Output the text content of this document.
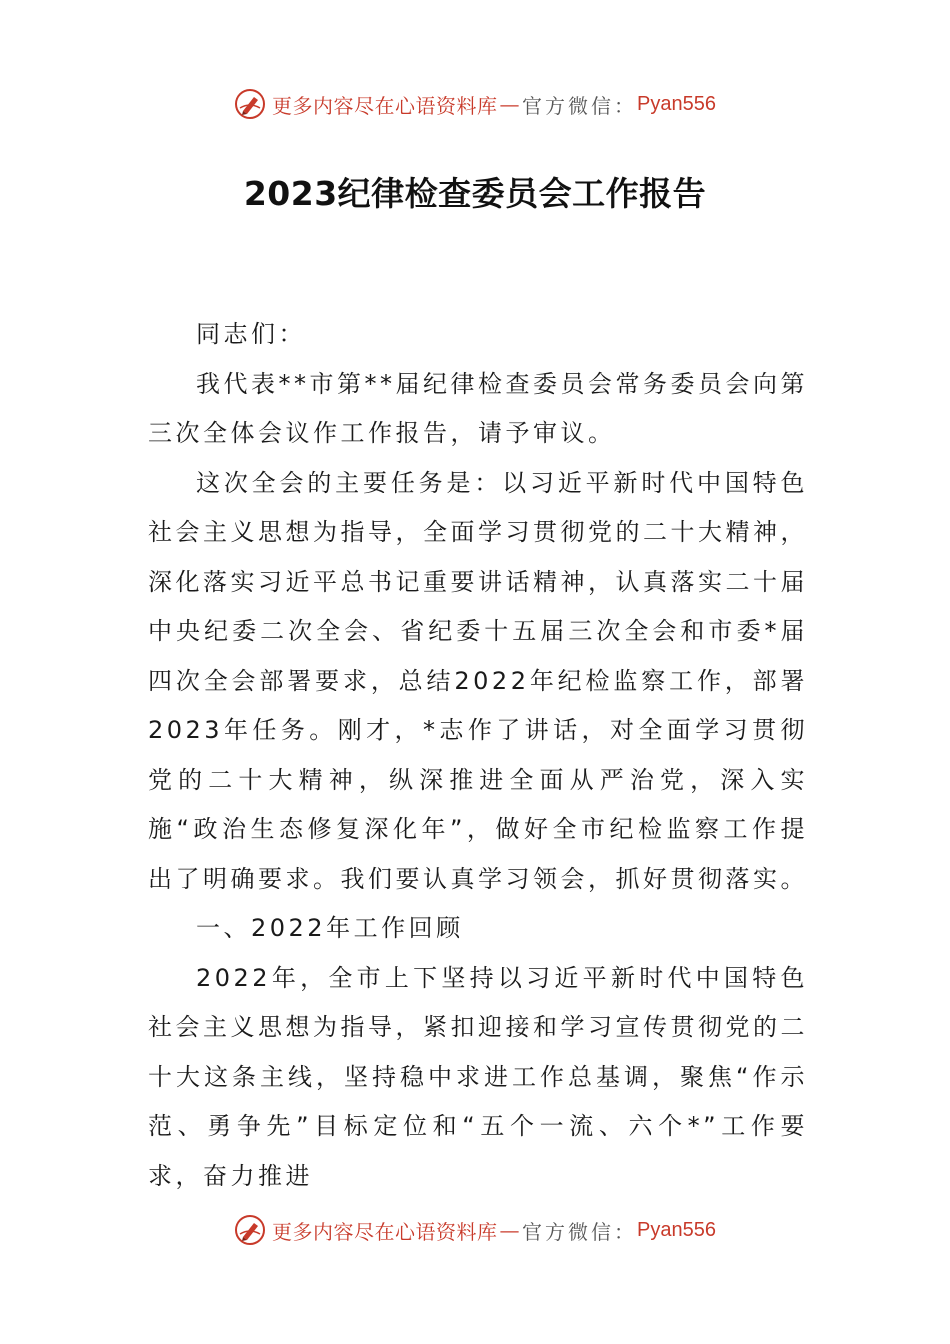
更多内容尽在心语资料库 — 官方微信： Pyan556
2023纪律检查委员会工作报告

同志们：

我代表**市第**届纪律检查委员会常务委员会向第三次全体会议作工作报告，请予审议。

这次全会的主要任务是：以习近平新时代中国特色社会主义思想为指导，全面学习贯彻党的二十大精神，深化落实习近平总书记重要讲话精神，认真落实二十届中央纪委二次全会、省纪委十五届三次全会和市委*届四次全会部署要求，总结2022年纪检监察工作，部署2023年任务。刚才，*志作了讲话，对全面学习贯彻党的二十大精神，纵深推进全面从严治党，深入实施“政治生态修复深化年”，做好全市纪检监察工作提出了明确要求。我们要认真学习领会，抓好贯彻落实。

一、2022年工作回顾

2022年，全市上下坚持以习近平新时代中国特色社会主义思想为指导，紧扣迎接和学习宣传贯彻党的二十大这条主线，坚持稳中求进工作总基调，聚焦“作示范、勇争先”目标定位和“五个一流、六个*”工作要求，奋力推进

更多内容尽在心语资料库 — 官方微信： Pyan556
